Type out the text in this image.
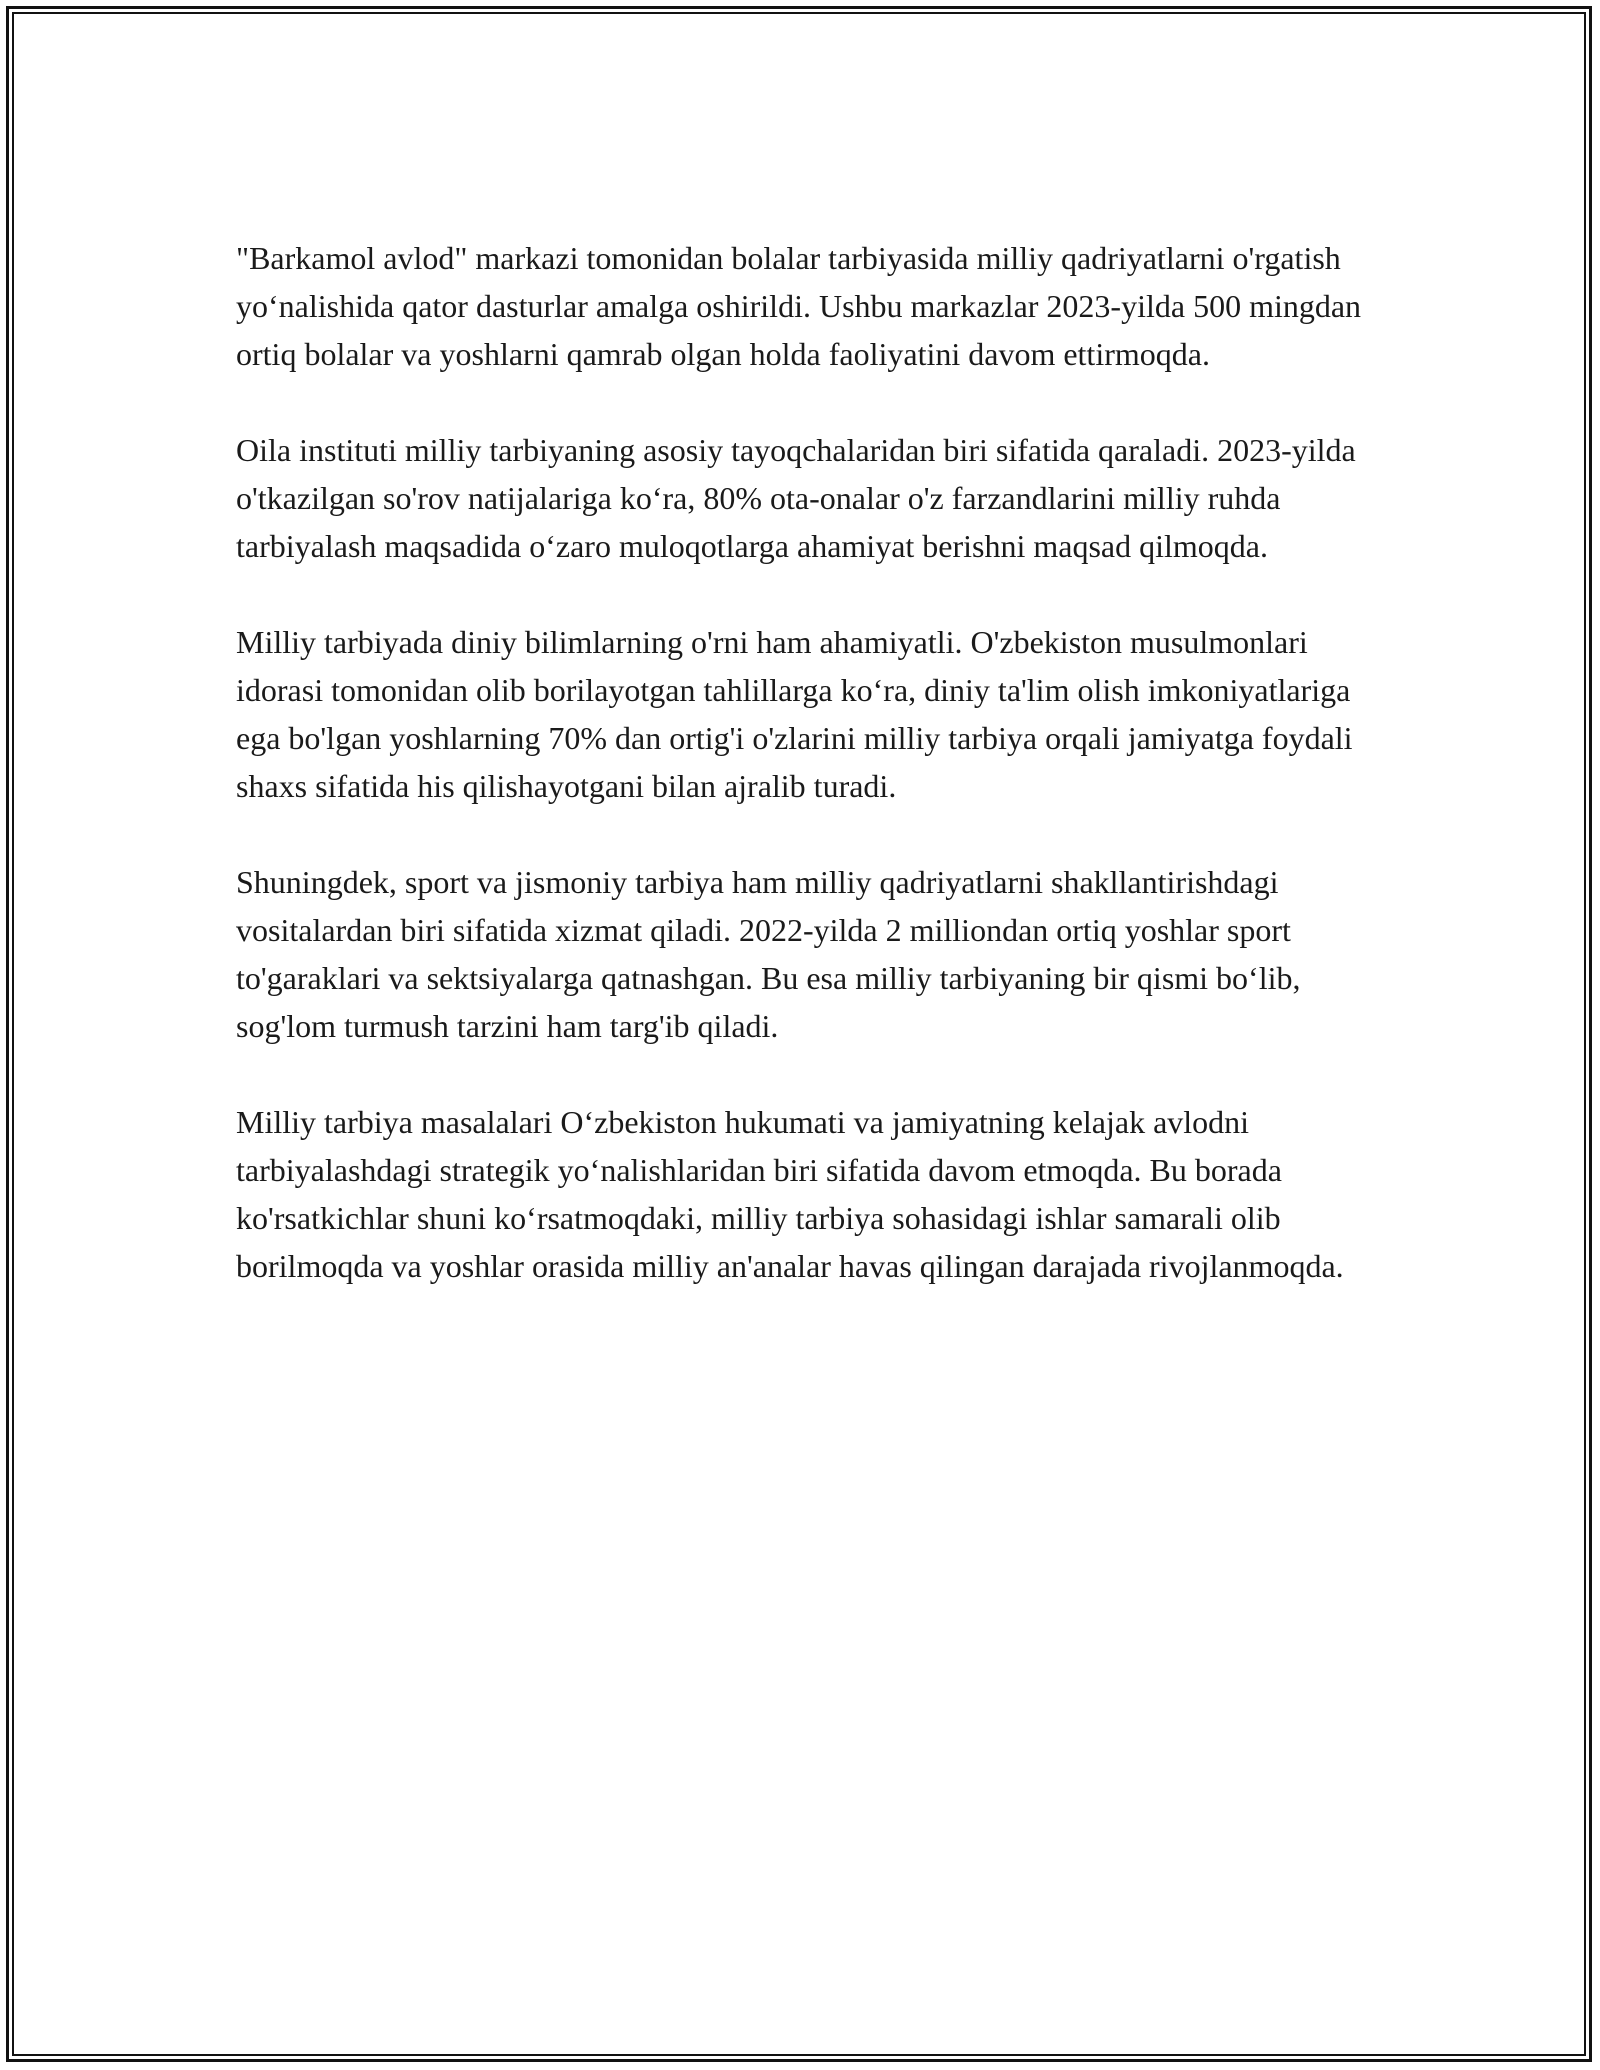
"Barkamol avlod" markazi tomonidan bolalar tarbiyasida milliy qadriyatlarni o'rgatish yo‘nalishida qator dasturlar amalga oshirildi. Ushbu markazlar 2023-yilda 500 mingdan ortiq bolalar va yoshlarni qamrab olgan holda faoliyatini davom ettirmoqda.

Oila instituti milliy tarbiyaning asosiy tayoqchalaridan biri sifatida qaraladi. 2023-yilda o'tkazilgan so'rov natijalariga ko‘ra, 80% ota-onalar o'z farzandlarini milliy ruhda tarbiyalash maqsadida o‘zaro muloqotlarga ahamiyat berishni maqsad qilmoqda.

Milliy tarbiyada diniy bilimlarning o'rni ham ahamiyatli. O'zbekiston musulmonlari idorasi tomonidan olib borilayotgan tahlillarga ko‘ra, diniy ta'lim olish imkoniyatlariga ega bo'lgan yoshlarning 70% dan ortig'i o'zlarini milliy tarbiya orqali jamiyatga foydali shaxs sifatida his qilishayotgani bilan ajralib turadi.

Shuningdek, sport va jismoniy tarbiya ham milliy qadriyatlarni shakllantirishdagi vositalardan biri sifatida xizmat qiladi. 2022-yilda 2 milliondan ortiq yoshlar sport to'garaklari va sektsiyalarga qatnashgan. Bu esa milliy tarbiyaning bir qismi bo‘lib, sog'lom turmush tarzini ham targ'ib qiladi.

Milliy tarbiya masalalari O‘zbekiston hukumati va jamiyatning kelajak avlodni tarbiyalashdagi strategik yo‘nalishlaridan biri sifatida davom etmoqda. Bu borada ko'rsatkichlar shuni ko‘rsatmoqdaki, milliy tarbiya sohasidagi ishlar samarali olib borilmoqda va yoshlar orasida milliy an'analar havas qilingan darajada rivojlanmoqda.
